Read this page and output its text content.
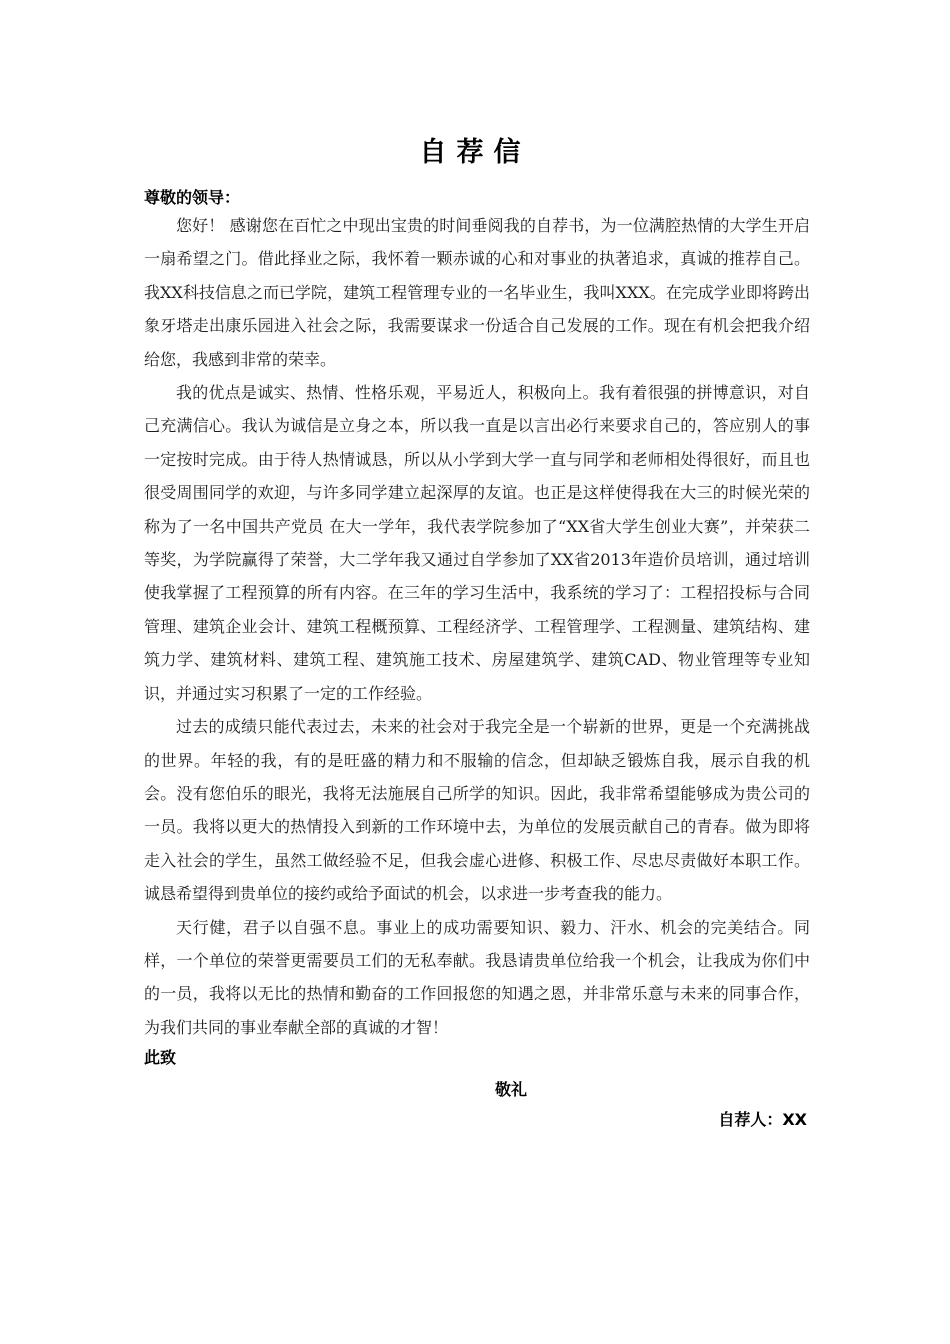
自荐信
尊敬的领导：

您好！ 感谢您在百忙之中现出宝贵的时间垂阅我的自荐书，为一位满腔热情的大学生开启一扇希望之门。借此择业之际，我怀着一颗赤诚的心和对事业的执著追求，真诚的推荐自己。 我XX科技信息之而已学院，建筑工程管理专业的一名毕业生，我叫XXX。在完成学业即将跨出象牙塔走出康乐园进入社会之际，我需要谋求一份适合自己发展的工作。现在有机会把我介绍给您，我感到非常的荣幸。

我的优点是诚实、热情、性格乐观，平易近人，积极向上。我有着很强的拼博意识，对自己充满信心。我认为诚信是立身之本，所以我一直是以言出必行来要求自己的，答应别人的事一定按时完成。由于待人热情诚恳，所以从小学到大学一直与同学和老师相处得很好，而且也很受周围同学的欢迎，与许多同学建立起深厚的友谊。也正是这样使得我在大三的时候光荣的称为了一名中国共产党员 在大一学年，我代表学院参加了“XX省大学生创业大赛”，并荣获二等奖，为学院赢得了荣誉，大二学年我又通过自学参加了XX省2013年造价员培训，通过培训使我掌握了工程预算的所有内容。在三年的学习生活中，我系统的学习了：工程招投标与合同管理、建筑企业会计、建筑工程概预算、工程经济学、工程管理学、工程测量、建筑结构、建筑力学、建筑材料、建筑工程、建筑施工技术、房屋建筑学、建筑CAD、物业管理等专业知识，并通过实习积累了一定的工作经验。

过去的成绩只能代表过去，未来的社会对于我完全是一个崭新的世界，更是一个充满挑战的世界。年轻的我，有的是旺盛的精力和不服输的信念，但却缺乏锻炼自我，展示自我的机会。没有您伯乐的眼光，我将无法施展自己所学的知识。因此，我非常希望能够成为贵公司的一员。我将以更大的热情投入到新的工作环境中去，为单位的发展贡献自己的青春。做为即将走入社会的学生，虽然工做经验不足，但我会虚心进修、积极工作、尽忠尽责做好本职工作。诚恳希望得到贵单位的接约或给予面试的机会，以求进一步考查我的能力。

天行健，君子以自强不息。事业上的成功需要知识、毅力、汗水、机会的完美结合。同样，一个单位的荣誉更需要员工们的无私奉献。我恳请贵单位给我一个机会，让我成为你们中的一员，我将以无比的热情和勤奋的工作回报您的知遇之恩，并非常乐意与未来的同事合作，为我们共同的事业奉献全部的真诚的才智！

此致
敬礼
自荐人：XX
